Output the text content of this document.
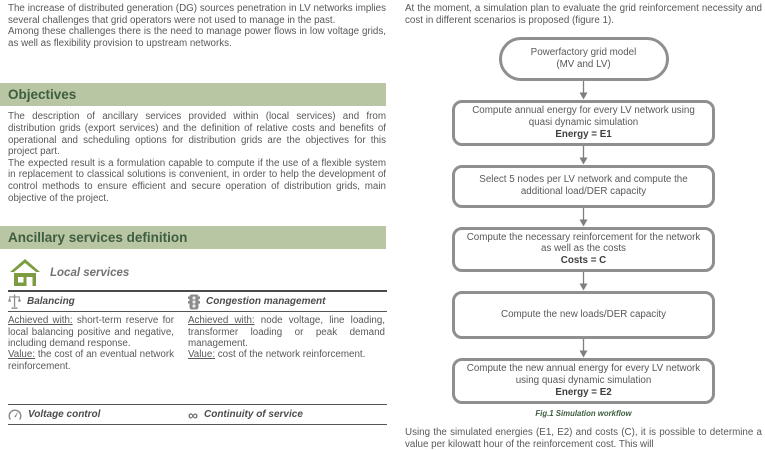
The increase of distributed generation (DG) sources penetration in LV networks implies several challenges that grid operators were not used to manage in the past.

Among these challenges there is the need to manage power flows in low voltage grids, as well as flexibility provision to upstream networks.

Objectives

The description of ancillary services provided within (local services) and from distribution grids (export services) and the definition of relative costs and benefits of operational and scheduling options for distribution grids are the objectives for this project part.

The expected result is a formulation capable to compute if the use of a flexible system in replacement to classical solutions is convenient, in order to help the development of control methods to ensure efficient and secure operation of distribution grids, main objective of the project.

Ancillary services definition
Local services
Balancing	Congestion management

Achieved with: short-term reserve for local balancing positive and negative, including demand response.

Value: the cost of an eventual network reinforcement.

Achieved with: node voltage, line loading, transformer loading or peak demand management.

Value: cost of the network reinforcement.

Voltage control	∞ Continuity of service

At the moment, a simulation plan to evaluate the grid reinforcement necessity and cost in different scenarios is proposed (figure 1).

Powerfactory grid model
(MV and LV)
Compute annual energy for every LV network using quasi dynamic simulation
Energy = E1
Select 5 nodes per LV network and compute the additional load/DER capacity
Compute the necessary reinforcement for the network as well as the costs
Costs = C
Compute the new loads/DER capacity
Compute the new annual energy for every LV network using quasi dynamic simulation
Energy = E2
Fig.1 Simulation workflow

Using the simulated energies (E1, E2) and costs (C), it is possible to determine a value per kilowatt hour of the reinforcement cost. This will
